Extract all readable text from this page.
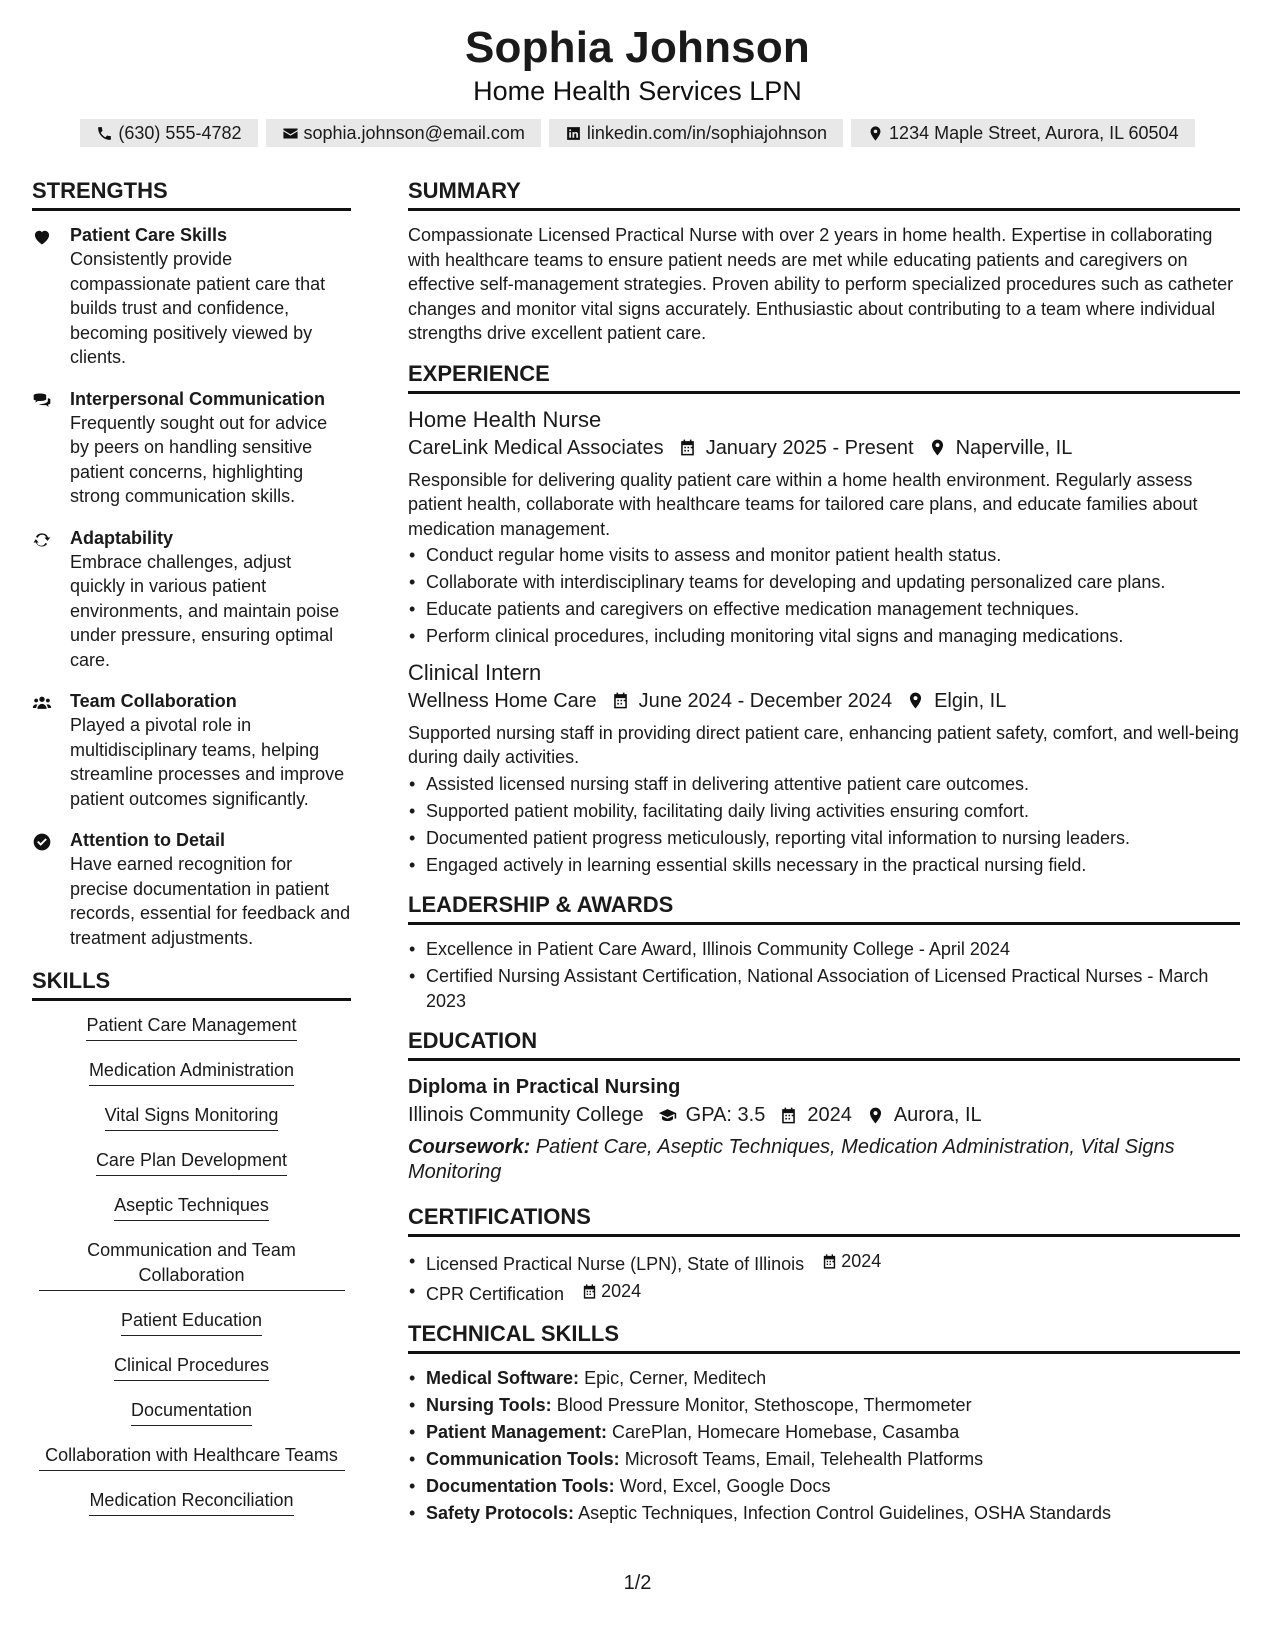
Sophia Johnson
Home Health Services LPN
(630) 555-4782	sophia.johnson@email.com	linkedin.com/in/sophiajohnson	1234 Maple Street, Aurora, IL 60504
STRENGTHS
Patient Care Skills
Consistently provide compassionate patient care that builds trust and confidence, becoming positively viewed by clients.
Interpersonal Communication
Frequently sought out for advice by peers on handling sensitive patient concerns, highlighting strong communication skills.
Adaptability
Embrace challenges, adjust quickly in various patient environments, and maintain poise under pressure, ensuring optimal care.
Team Collaboration
Played a pivotal role in multidisciplinary teams, helping streamline processes and improve patient outcomes significantly.
Attention to Detail
Have earned recognition for precise documentation in patient records, essential for feedback and treatment adjustments.
SKILLS
Patient Care Management
Medication Administration
Vital Signs Monitoring
Care Plan Development
Aseptic Techniques
Communication and Team Collaboration
Patient Education
Clinical Procedures
Documentation
Collaboration with Healthcare Teams
Medication Reconciliation
SUMMARY
Compassionate Licensed Practical Nurse with over 2 years in home health. Expertise in collaborating with healthcare teams to ensure patient needs are met while educating patients and caregivers on effective self-management strategies. Proven ability to perform specialized procedures such as catheter changes and monitor vital signs accurately. Enthusiastic about contributing to a team where individual strengths drive excellent patient care.
EXPERIENCE
Home Health Nurse
CareLink Medical Associates January 2025 - Present Naperville, IL
Responsible for delivering quality patient care within a home health environment. Regularly assess patient health, collaborate with healthcare teams for tailored care plans, and educate families about medication management.
• Conduct regular home visits to assess and monitor patient health status.
• Collaborate with interdisciplinary teams for developing and updating personalized care plans.
• Educate patients and caregivers on effective medication management techniques.
• Perform clinical procedures, including monitoring vital signs and managing medications.
Clinical Intern
Wellness Home Care June 2024 - December 2024 Elgin, IL
Supported nursing staff in providing direct patient care, enhancing patient safety, comfort, and well-being during daily activities.
• Assisted licensed nursing staff in delivering attentive patient care outcomes.
• Supported patient mobility, facilitating daily living activities ensuring comfort.
• Documented patient progress meticulously, reporting vital information to nursing leaders.
• Engaged actively in learning essential skills necessary in the practical nursing field.
LEADERSHIP & AWARDS
• Excellence in Patient Care Award, Illinois Community College - April 2024
• Certified Nursing Assistant Certification, National Association of Licensed Practical Nurses - March 2023
EDUCATION
Diploma in Practical Nursing
Illinois Community College GPA: 3.5 2024 Aurora, IL
Coursework: Patient Care, Aseptic Techniques, Medication Administration, Vital Signs Monitoring
CERTIFICATIONS
• Licensed Practical Nurse (LPN), State of Illinois 2024
• CPR Certification 2024
TECHNICAL SKILLS
• Medical Software: Epic, Cerner, Meditech
• Nursing Tools: Blood Pressure Monitor, Stethoscope, Thermometer
• Patient Management: CarePlan, Homecare Homebase, Casamba
• Communication Tools: Microsoft Teams, Email, Telehealth Platforms
• Documentation Tools: Word, Excel, Google Docs
• Safety Protocols: Aseptic Techniques, Infection Control Guidelines, OSHA Standards
1/2
